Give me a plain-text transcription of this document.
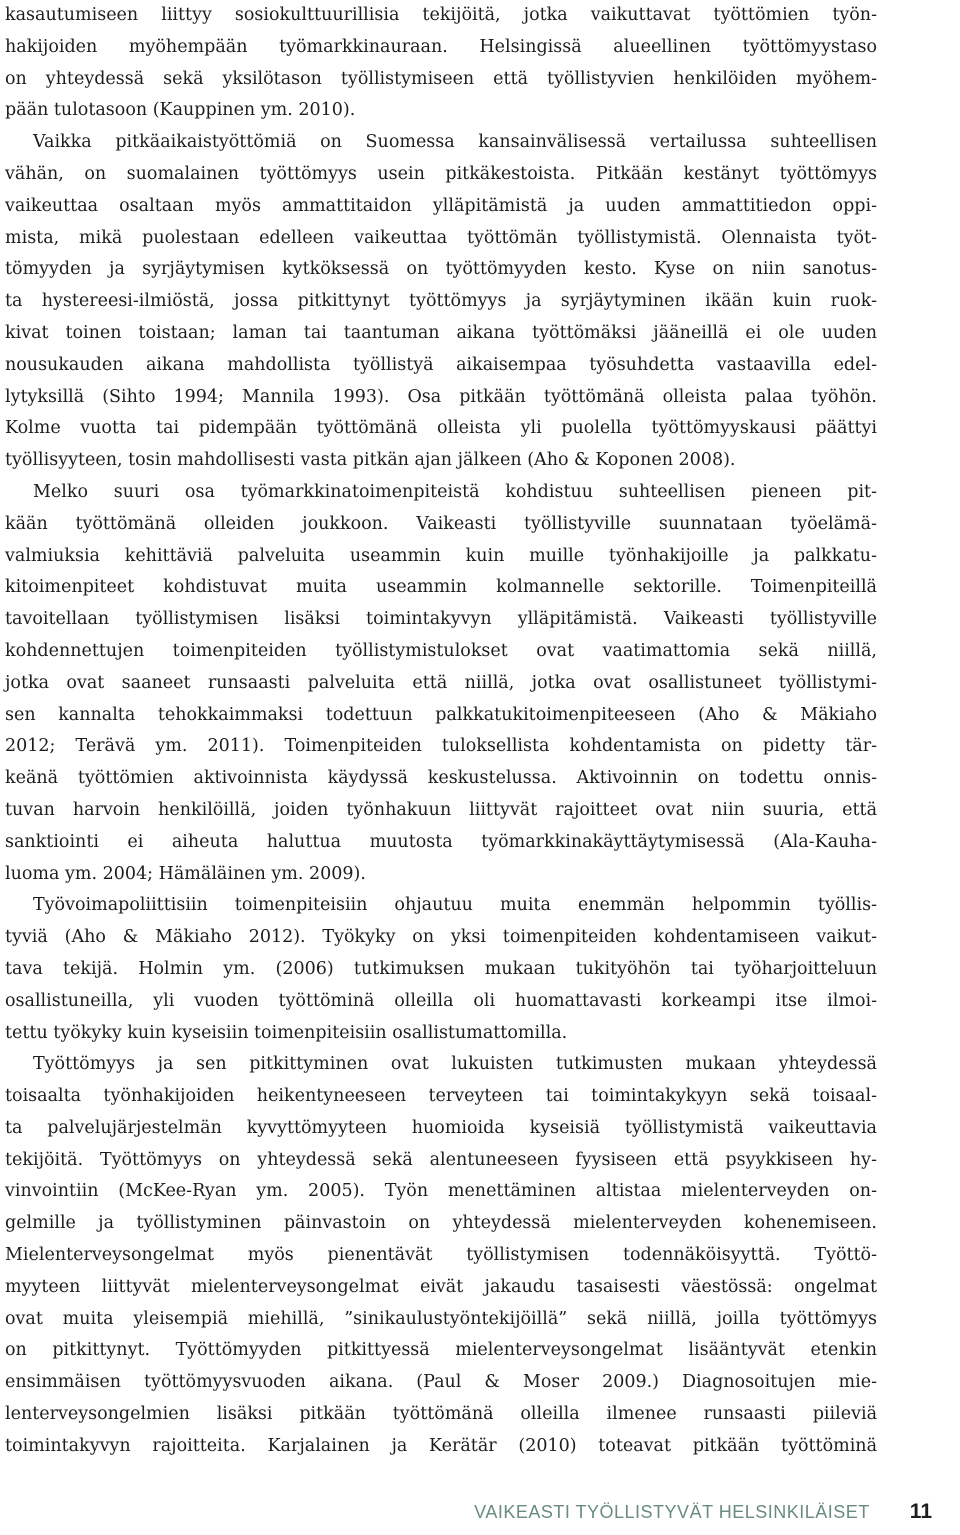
kasautumiseen liittyy sosiokulttuurillisia tekijöitä, jotka vaikuttavat työttömien työn-
hakijoiden myöhempään työmarkkinauraan. Helsingissä alueellinen työttömyystaso
on yhteydessä sekä yksilötason työllistymiseen että työllistyvien henkilöiden myöhem-
pään tulotasoon (Kauppinen ym. 2010).
Vaikka pitkäaikaistyöttömiä on Suomessa kansainvälisessä vertailussa suhteellisen
vähän, on suomalainen työttömyys usein pitkäkestoista. Pitkään kestänyt työttömyys
vaikeuttaa osaltaan myös ammattitaidon ylläpitämistä ja uuden ammattitiedon oppi-
mista, mikä puolestaan edelleen vaikeuttaa työttömän työllistymistä. Olennaista työt-
tömyyden ja syrjäytymisen kytköksessä on työttömyyden kesto. Kyse on niin sanotus-
ta hystereesi-ilmiöstä, jossa pitkittynyt työttömyys ja syrjäytyminen ikään kuin ruok-
kivat toinen toistaan; laman tai taantuman aikana työttömäksi jääneillä ei ole uuden
nousukauden aikana mahdollista työllistyä aikaisempaa työsuhdetta vastaavilla edel-
lytyksillä (Sihto 1994; Mannila 1993). Osa pitkään työttömänä olleista palaa työhön.
Kolme vuotta tai pidempään työttömänä olleista yli puolella työttömyyskausi päättyi
työllisyyteen, tosin mahdollisesti vasta pitkän ajan jälkeen (Aho & Koponen 2008).
Melko suuri osa työmarkkinatoimenpiteistä kohdistuu suhteellisen pieneen pit-
kään työttömänä olleiden joukkoon. Vaikeasti työllistyville suunnataan työelämä-
valmiuksia kehittäviä palveluita useammin kuin muille työnhakijoille ja palkkatu-
kitoimenpiteet kohdistuvat muita useammin kolmannelle sektorille. Toimenpiteillä
tavoitellaan työllistymisen lisäksi toimintakyvyn ylläpitämistä. Vaikeasti työllistyville
kohdennettujen toimenpiteiden työllistymistulokset ovat vaatimattomia sekä niillä,
jotka ovat saaneet runsaasti palveluita että niillä, jotka ovat osallistuneet työllistymi-
sen kannalta tehokkaimmaksi todettuun palkkatukitoimenpiteeseen (Aho & Mäkiaho
2012; Terävä ym. 2011). Toimenpiteiden tuloksellista kohdentamista on pidetty tär-
keänä työttömien aktivoinnista käydyssä keskustelussa. Aktivoinnin on todettu onnis-
tuvan harvoin henkilöillä, joiden työnhakuun liittyvät rajoitteet ovat niin suuria, että
sanktiointi ei aiheuta haluttua muutosta työmarkkinakäyttäytymisessä (Ala-Kauha-
luoma ym. 2004; Hämäläinen ym. 2009).
Työvoimapoliittisiin toimenpiteisiin ohjautuu muita enemmän helpommin työllis-
tyviä (Aho & Mäkiaho 2012). Työkyky on yksi toimenpiteiden kohdentamiseen vaikut-
tava tekijä. Holmin ym. (2006) tutkimuksen mukaan tukityöhön tai työharjoitteluun
osallistuneilla, yli vuoden työttöminä olleilla oli huomattavasti korkeampi itse ilmoi-
tettu työkyky kuin kyseisiin toimenpiteisiin osallistumattomilla.
Työttömyys ja sen pitkittyminen ovat lukuisten tutkimusten mukaan yhteydessä
toisaalta työnhakijoiden heikentyneeseen terveyteen tai toimintakykyyn sekä toisaal-
ta palvelujärjestelmän kyvyttömyyteen huomioida kyseisiä työllistymistä vaikeuttavia
tekijöitä. Työttömyys on yhteydessä sekä alentuneeseen fyysiseen että psyykkiseen hy-
vinvointiin (McKee-Ryan ym. 2005). Työn menettäminen altistaa mielenterveyden on-
gelmille ja työllistyminen päinvastoin on yhteydessä mielenterveyden kohenemiseen.
Mielenterveysongelmat myös pienentävät työllistymisen todennäköisyyttä. Työttö-
myyteen liittyvät mielenterveysongelmat eivät jakaudu tasaisesti väestössä: ongelmat
ovat muita yleisempiä miehillä, ”sinikaulustyöntekijöillä” sekä niillä, joilla työttömyys
on pitkittynyt. Työttömyyden pitkittyessä mielenterveysongelmat lisääntyvät etenkin
ensimmäisen työttömyysvuoden aikana. (Paul & Moser 2009.) Diagnosoitujen mie-
lenterveysongelmien lisäksi pitkään työttömänä olleilla ilmenee runsaasti piileviä
toimintakyvyn rajoitteita. Karjalainen ja Kerätär (2010) toteavat pitkään työttöminä
VAIKEASTI TYÖLLISTYVÄT HELSINKILÄISET 11
